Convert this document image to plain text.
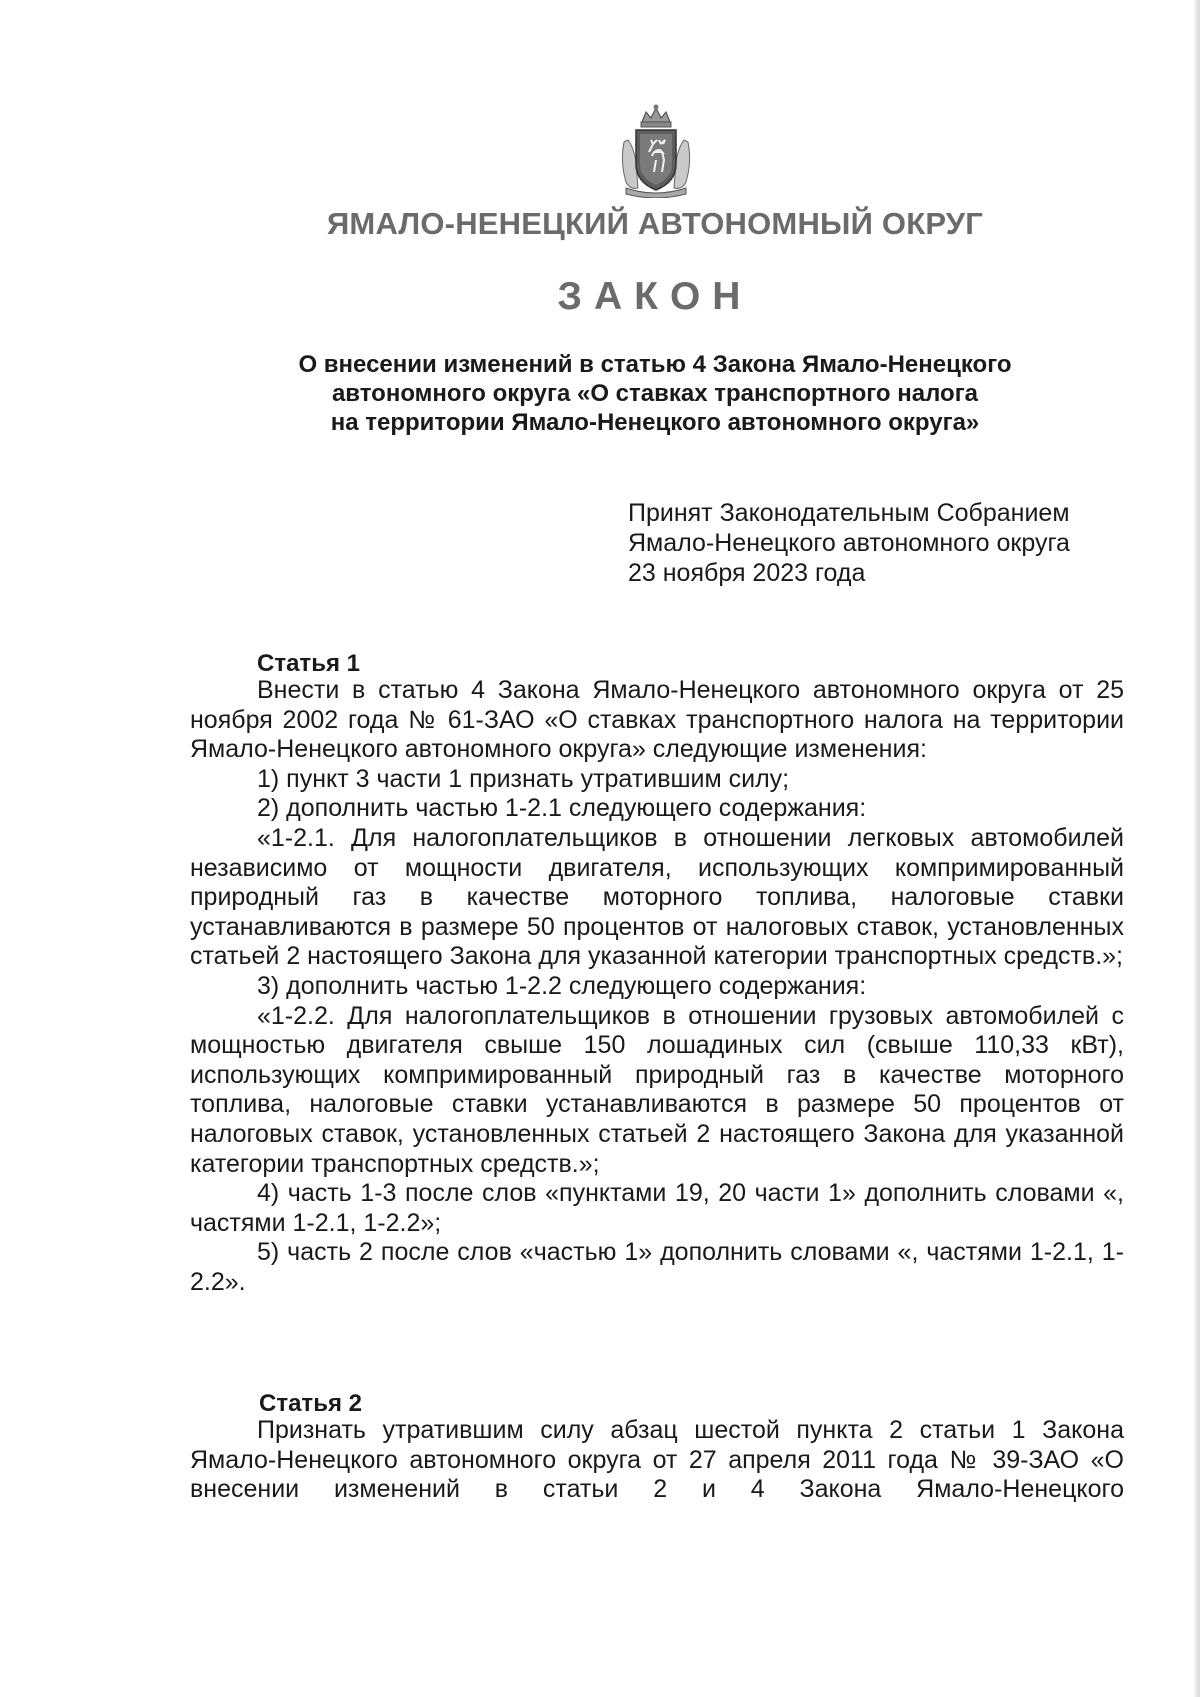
ЯМАЛО-НЕНЕЦКИЙ АВТОНОМНЫЙ ОКРУГ
ЗАКОН
О внесении изменений в статью 4 Закона Ямало-Ненецкого
автономного округа «О ставках транспортного налога
на территории Ямало-Ненецкого автономного округа»
Принят Законодательным Собранием
Ямало-Ненецкого автономного округа
23 ноября 2023 года
Статья 1

Внести в статью 4 Закона Ямало-Ненецкого автономного округа от 25 ноября 2002 года № 61-ЗАО «О ставках транспортного налога на территории Ямало-Ненецкого автономного округа» следующие изменения:

1) пункт 3 части 1 признать утратившим силу;

2) дополнить частью 1-2.1 следующего содержания:

«1-2.1. Для налогоплательщиков в отношении легковых автомобилей независимо от мощности двигателя, использующих компримированный природный газ в качестве моторного топлива, налоговые ставки устанавливаются в размере 50 процентов от налоговых ставок, установленных статьей 2 настоящего Закона для указанной категории транспортных средств.»;

3) дополнить частью 1-2.2 следующего содержания:

«1-2.2. Для налогоплательщиков в отношении грузовых автомобилей с мощностью двигателя свыше 150 лошадиных сил (свыше 110,33 кВт), использующих компримированный природный газ в качестве моторного топлива, налоговые ставки устанавливаются в размере 50 процентов от налоговых ставок, установленных статьей 2 настоящего Закона для указанной категории транспортных средств.»;

4) часть 1-3 после слов «пунктами 19, 20 части 1» дополнить словами «, частями 1-2.1, 1-2.2»;

5) часть 2 после слов «частью 1» дополнить словами «, частями 1-2.1, 1-2.2».

Статья 2

Признать утратившим силу абзац шестой пункта 2 статьи 1 Закона Ямало-Ненецкого автономного округа от 27 апреля 2011 года № 39-ЗАО «О внесении изменений в статьи 2 и 4 Закона Ямало-Ненецкого
